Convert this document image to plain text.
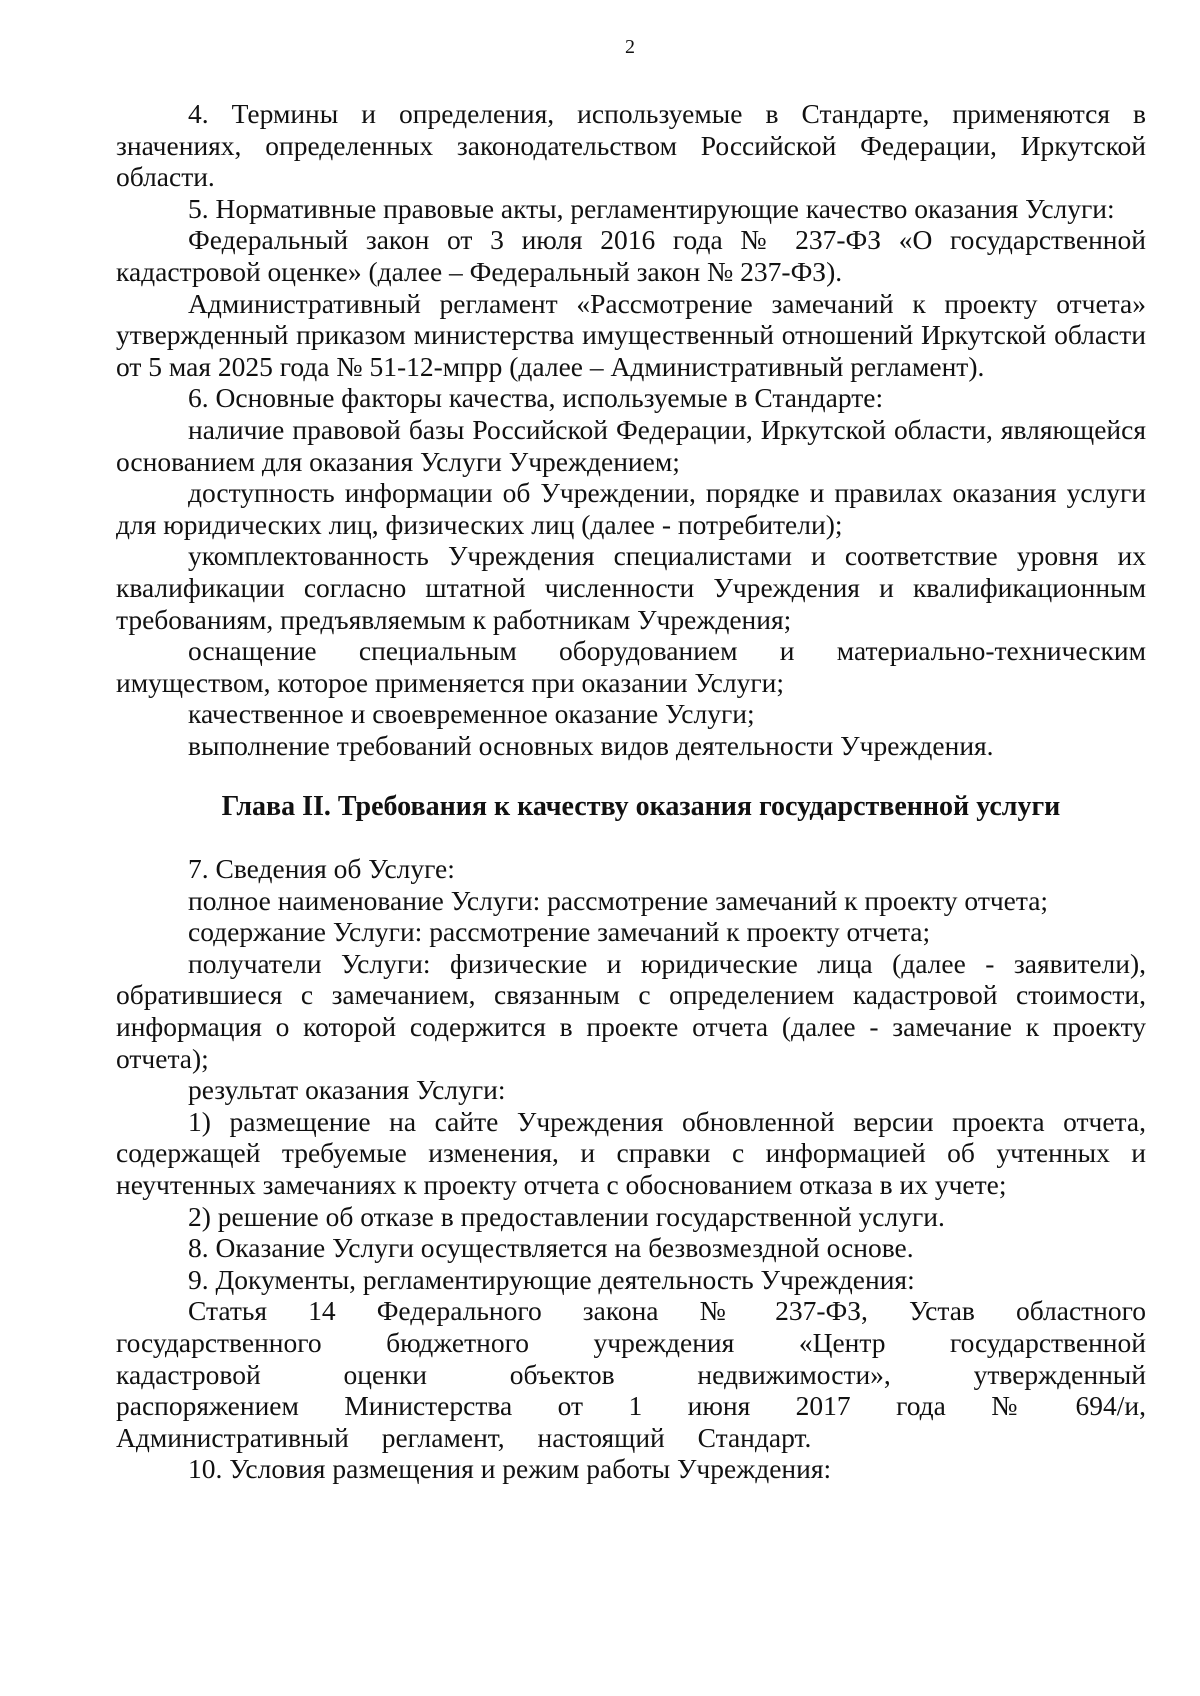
2

4. Термины и определения, используемые в Стандарте, применяются в значениях, определенных законодательством Российской Федерации, Иркутской области.

5. Нормативные правовые акты, регламентирующие качество оказания Услуги:

Федеральный закон от 3 июля 2016 года № 237-ФЗ «О государственной кадастровой оценке» (далее – Федеральный закон № 237-ФЗ).

Административный регламент «Рассмотрение замечаний к проекту отчета» утвержденный приказом министерства имущественный отношений Иркутской области от 5 мая 2025 года № 51-12-мпрр (далее – Административный регламент).

6. Основные факторы качества, используемые в Стандарте:

наличие правовой базы Российской Федерации, Иркутской области, являющейся основанием для оказания Услуги Учреждением;

доступность информации об Учреждении, порядке и правилах оказания услуги для юридических лиц, физических лиц (далее - потребители);

укомплектованность Учреждения специалистами и соответствие уровня их квалификации согласно штатной численности Учреждения и квалификационным требованиям, предъявляемым к работникам Учреждения;

оснащение специальным оборудованием и материально-техническим имуществом, которое применяется при оказании Услуги;

качественное и своевременное оказание Услуги;

выполнение требований основных видов деятельности Учреждения.

Глава II. Требования к качеству оказания государственной услуги

7. Сведения об Услуге:

полное наименование Услуги: рассмотрение замечаний к проекту отчета;

содержание Услуги: рассмотрение замечаний к проекту отчета;

получатели Услуги: физические и юридические лица (далее - заявители), обратившиеся с замечанием, связанным с определением кадастровой стоимости, информация о которой содержится в проекте отчета (далее - замечание к проекту отчета);

результат оказания Услуги:

1) размещение на сайте Учреждения обновленной версии проекта отчета, содержащей требуемые изменения, и справки с информацией об учтенных и неучтенных замечаниях к проекту отчета с обоснованием отказа в их учете;

2) решение об отказе в предоставлении государственной услуги.

8. Оказание Услуги осуществляется на безвозмездной основе.

9. Документы, регламентирующие деятельность Учреждения:

Статья 14 Федерального закона № 237-ФЗ, Устав областного государственного бюджетного учреждения «Центр государственной кадастровой оценки объектов недвижимости», утвержденный распоряжением Министерства от 1 июня 2017 года № 694/и, Административный регламент, настоящий Стандарт.

10. Условия размещения и режим работы Учреждения:
